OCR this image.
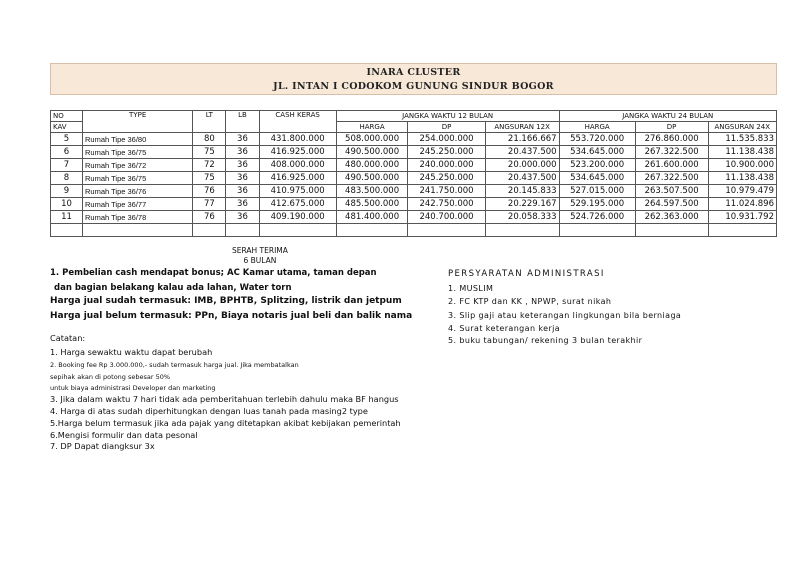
INARA CLUSTER
JL. INTAN I CODOKOM GUNUNG SINDUR BOGOR
NO	TYPE	LT	LB	CASH KERAS	JANGKA WAKTU 12 BULAN			JANGKA WAKTU 24 BULAN		
KAV					HARGA	DP	ANGSURAN 12X	HARGA	DP	ANGSURAN 24X
5	Rumah Tipe 36/80	80	36	431.800.000	508.000.000	254.000.000	21.166.667	553.720.000	276.860.000	11.535.833
6	Rumah Tipe 36/75	75	36	416.925.000	490.500.000	245.250.000	20.437.500	534.645.000	267.322.500	11.138.438
7	Rumah Tipe 36/72	72	36	408.000.000	480.000.000	240.000.000	20.000.000	523.200.000	261.600.000	10.900.000
8	Rumah Tipe 36/75	75	36	416.925.000	490.500.000	245.250.000	20.437.500	534.645.000	267.322.500	11.138.438
9	Rumah Tipe 36/76	76	36	410.975.000	483.500.000	241.750.000	20.145.833	527.015.000	263.507.500	10.979.479
10	Rumah Tipe 36/77	77	36	412.675.000	485.500.000	242.750.000	20.229.167	529.195.000	264.597.500	11.024.896
11	Rumah Tipe 36/78	76	36	409.190.000	481.400.000	240.700.000	20.058.333	524.726.000	262.363.000	10.931.792

SERAH TERIMA
6 BULAN
1. Pembelian cash mendapat bonus; AC Kamar utama, taman depan
dan bagian belakang kalau ada lahan, Water torn
Harga jual sudah termasuk: IMB, BPHTB, Splitzing, listrik dan jetpum
Harga jual belum termasuk: PPn, Biaya notaris jual beli dan balik nama
Catatan:
1. Harga sewaktu waktu dapat berubah
2. Booking fee Rp 3.000.000,- sudah termasuk harga jual. Jika membatalkan
sepihak akan di potong sebesar 50%
untuk biaya administrasi Developer dan marketing
3. Jika dalam waktu 7 hari tidak ada pemberitahuan terlebih dahulu maka BF hangus
4. Harga di atas sudah diperhitungkan dengan luas tanah pada masing2 type
5.Harga belum termasuk jika ada pajak yang ditetapkan akibat kebijakan pemerintah
6.Mengisi formulir dan data pesonal
7. DP Dapat diangksur 3x
PERSYARATAN ADMINISTRASI
1. MUSLIM
2. FC KTP dan KK , NPWP, surat nikah
3. Slip gaji atau keterangan lingkungan bila berniaga
4. Surat keterangan kerja
5. buku tabungan/ rekening 3 bulan terakhir
